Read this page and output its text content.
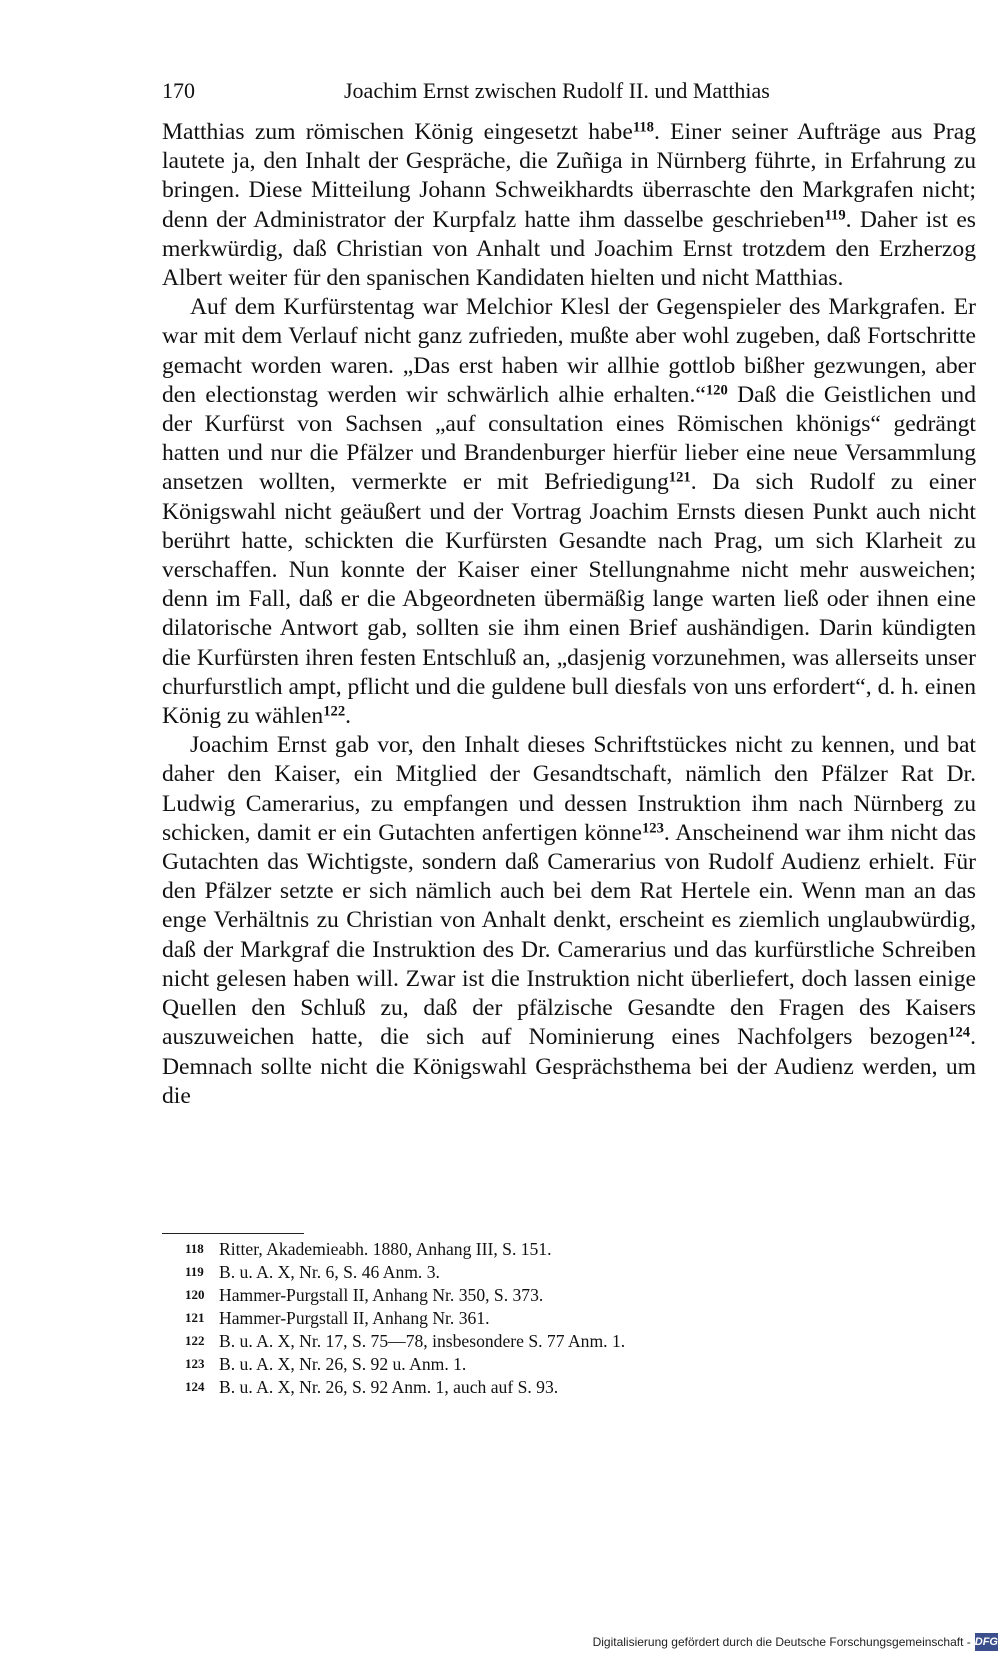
170	Joachim Ernst zwischen Rudolf II. und Matthias

Matthias zum römischen König eingesetzt habe$^{118}$. Einer seiner Aufträge aus Prag lautete ja, den Inhalt der Gespräche, die Zuñiga in Nürnberg führte, in Erfahrung zu bringen. Diese Mitteilung Johann Schweikhardts überraschte den Markgrafen nicht; denn der Administrator der Kurpfalz hatte ihm dasselbe geschrieben$^{119}$. Daher ist es merkwürdig, daß Christian von Anhalt und Joachim Ernst trotzdem den Erzherzog Albert weiter für den spanischen Kandidaten hielten und nicht Matthias.

Auf dem Kurfürstentag war Melchior Klesl der Gegenspieler des Markgrafen. Er war mit dem Verlauf nicht ganz zufrieden, mußte aber wohl zugeben, daß Fortschritte gemacht worden waren. „Das erst haben wir allhie gottlob bißher gezwungen, aber den electionstag werden wir schwärlich alhie erhalten.“$^{120}$ Daß die Geistlichen und der Kurfürst von Sachsen „auf consultation eines Römischen khönigs“ gedrängt hatten und nur die Pfälzer und Brandenburger hierfür lieber eine neue Versammlung ansetzen wollten, vermerkte er mit Befriedigung$^{121}$. Da sich Rudolf zu einer Königswahl nicht geäußert und der Vortrag Joachim Ernsts diesen Punkt auch nicht berührt hatte, schickten die Kurfürsten Gesandte nach Prag, um sich Klarheit zu verschaffen. Nun konnte der Kaiser einer Stellungnahme nicht mehr ausweichen; denn im Fall, daß er die Abgeordneten übermäßig lange warten ließ oder ihnen eine dilatorische Antwort gab, sollten sie ihm einen Brief aushändigen. Darin kündigten die Kurfürsten ihren festen Entschluß an, „dasjenig vorzunehmen, was allerseits unser churfurstlich ampt, pflicht und die guldene bull diesfals von uns erfordert“, d. h. einen König zu wählen$^{122}$.

Joachim Ernst gab vor, den Inhalt dieses Schriftstückes nicht zu kennen, und bat daher den Kaiser, ein Mitglied der Gesandtschaft, nämlich den Pfälzer Rat Dr. Ludwig Camerarius, zu empfangen und dessen Instruktion ihm nach Nürnberg zu schicken, damit er ein Gutachten anfertigen könne$^{123}$. Anscheinend war ihm nicht das Gutachten das Wichtigste, sondern daß Camerarius von Rudolf Audienz erhielt. Für den Pfälzer setzte er sich nämlich auch bei dem Rat Hertele ein. Wenn man an das enge Verhältnis zu Christian von Anhalt denkt, erscheint es ziemlich unglaubwürdig, daß der Markgraf die Instruktion des Dr. Camerarius und das kurfürstliche Schreiben nicht gelesen haben will. Zwar ist die Instruktion nicht überliefert, doch lassen einige Quellen den Schluß zu, daß der pfälzische Gesandte den Fragen des Kaisers auszuweichen hatte, die sich auf Nominierung eines Nachfolgers bezogen$^{124}$. Demnach sollte nicht die Königswahl Gesprächsthema bei der Audienz werden, um die

118 Ritter, Akademieabh. 1880, Anhang III, S. 151.
119 B. u. A. X, Nr. 6, S. 46 Anm. 3.
120 Hammer-Purgstall II, Anhang Nr. 350, S. 373.
121 Hammer-Purgstall II, Anhang Nr. 361.
122 B. u. A. X, Nr. 17, S. 75—78, insbesondere S. 77 Anm. 1.
123 B. u. A. X, Nr. 26, S. 92 u. Anm. 1.
124 B. u. A. X, Nr. 26, S. 92 Anm. 1, auch auf S. 93.
Digitalisierung gefördert durch die Deutsche Forschungsgemeinschaft - DFG
